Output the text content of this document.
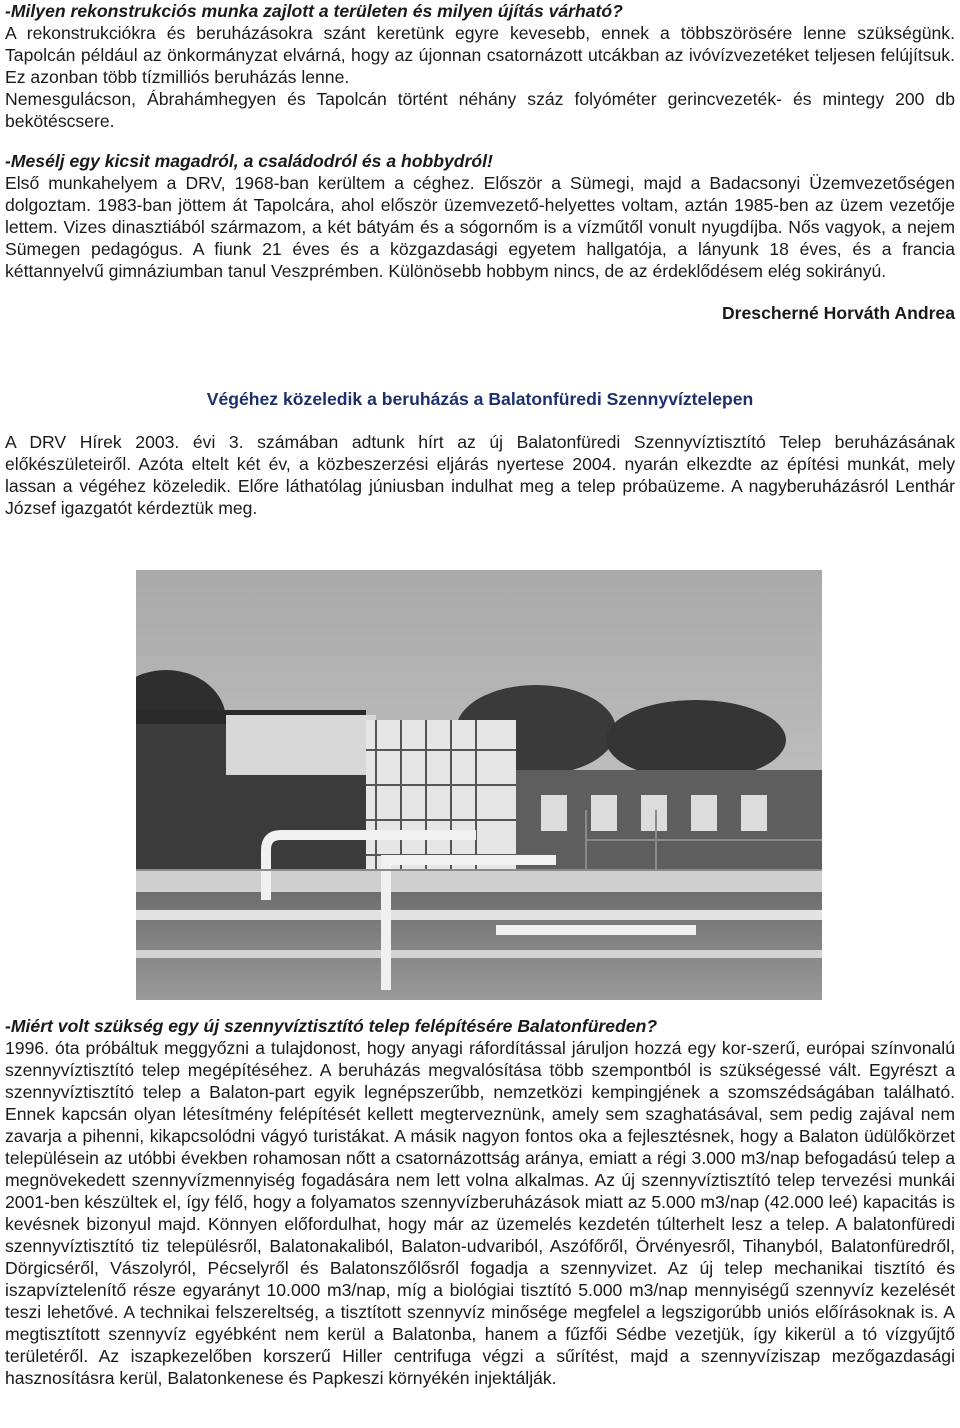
-Milyen rekonstrukciós munka zajlott a területen és milyen újítás várható?

A rekonstrukciókra és beruházásokra szánt keretünk egyre kevesebb, ennek a többszörösére lenne szükségünk. Tapolcán például az önkormányzat elvárná, hogy az újonnan csatornázott utcákban az ivóvízvezetéket teljesen felújítsuk. Ez azonban több tízmilliós beruházás lenne.

Nemesgulácson, Ábrahámhegyen és Tapolcán történt néhány száz folyóméter gerincvezeték- és mintegy 200 db bekötéscsere.

-Mesélj egy kicsit magadról, a családodról és a hobbydról!

Első munkahelyem a DRV, 1968-ban kerültem a céghez. Először a Sümegi, majd a Badacsonyi Üzemvezetőségen dolgoztam. 1983-ban jöttem át Tapolcára, ahol először üzemvezető-helyettes voltam, aztán 1985-ben az üzem vezetője lettem. Vizes dinasztiából származom, a két bátyám és a sógornőm is a vízműtől vonult nyugdíjba. Nős vagyok, a nejem Sümegen pedagógus. A fiunk 21 éves és a közgazdasági egyetem hallgatója, a lányunk 18 éves, és a francia kéttannyelvű gimnáziumban tanul Veszprémben. Különösebb hobbym nincs, de az érdeklődésem elég sokirányú.

Drescherné Horváth Andrea
Végéhez közeledik a beruházás a Balatonfüredi Szennyvíztelepen

A DRV Hírek 2003. évi 3. számában adtunk hírt az új Balatonfüredi Szennyvíztisztító Telep beruházásának előkészületeiről. Azóta eltelt két év, a közbeszerzési eljárás nyertese 2004. nyarán elkezdte az építési munkát, mely lassan a végéhez közeledik. Előre láthatólag júniusban indulhat meg a telep próbaüzeme. A nagyberuházásról Lenthár József igazgatót kérdeztük meg.

-Miért volt szükség egy új szennyvíztisztító telep felépítésére Balatonfüreden?

1996. óta próbáltuk meggyőzni a tulajdonost, hogy anyagi ráfordítással járuljon hozzá egy kor-szerű, európai színvonalú szennyvíztisztító telep megépítéséhez. A beruházás megvalósítása több szempontból is szükségessé vált. Egyrészt a szennyvíztisztító telep a Balaton-part egyik legnépszerűbb, nemzetközi kempingjének a szomszédságában található. Ennek kapcsán olyan létesítmény felépítését kellett megterveznünk, amely sem szaghatásával, sem pedig zajával nem zavarja a pihenni, kikapcsolódni vágyó turistákat. A másik nagyon fontos oka a fejlesztésnek, hogy a Balaton üdülőkörzet településein az utóbbi években rohamosan nőtt a csatornázottság aránya, emiatt a régi 3.000 m3/nap befogadású telep a megnövekedett szennyvízmennyiség fogadására nem lett volna alkalmas. Az új szennyvíztisztító telep tervezési munkái 2001-ben készültek el, így félő, hogy a folyamatos szennyvízberuházások miatt az 5.000 m3/nap (42.000 leé) kapacitás is kevésnek bizonyul majd. Könnyen előfordulhat, hogy már az üzemelés kezdetén túlterhelt lesz a telep. A balatonfüredi szennyvíztisztító tiz településről, Balatonakaliból, Balaton-udvariból, Aszófőről, Örvényesről, Tihanyból, Balatonfüredről, Dörgicséről, Vászolyról, Pécselyről és Balatonszőlősről fogadja a szennyvizet. Az új telep mechanikai tisztító és iszapvíztelenítő része egyarányt 10.000 m3/nap, míg a biológiai tisztító 5.000 m3/nap mennyiségű szennyvíz kezelését teszi lehetővé. A technikai felszereltség, a tisztított szennyvíz minősége megfelel a legszigorúbb uniós előírásoknak is. A megtisztított szennyvíz egyébként nem kerül a Balatonba, hanem a fűzfői Sédbe vezetjük, így kikerül a tó vízgyűjtő területéről. Az iszapkezelőben korszerű Hiller centrifuga végzi a sűrítést, majd a szennyvíziszap mezőgazdasági hasznosításra kerül, Balatonkenese és Papkeszi környékén injektálják.
